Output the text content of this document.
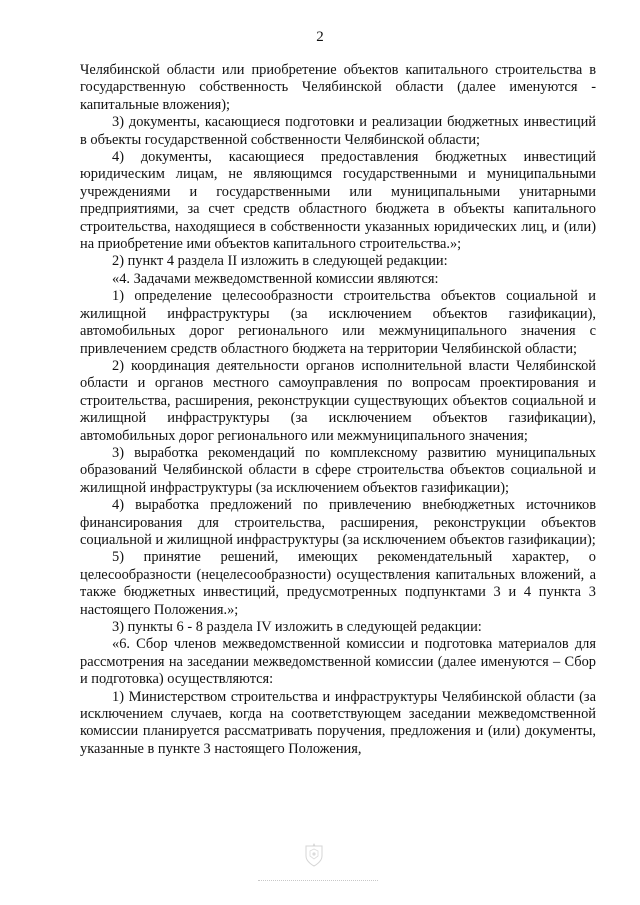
2

Челябинской области или приобретение объектов капитального строительства в государственную собственность Челябинской области (далее именуются - капитальные вложения);

3) документы, касающиеся подготовки и реализации бюджетных инвестиций в объекты государственной собственности Челябинской области;

4) документы, касающиеся предоставления бюджетных инвестиций юридическим лицам, не являющимся государственными и муниципальными учреждениями и государственными или муниципальными унитарными предприятиями, за счет средств областного бюджета в объекты капитального строительства, находящиеся в собственности указанных юридических лиц, и (или) на приобретение ими объектов капитального строительства.»;

2) пункт 4 раздела II изложить в следующей редакции:

«4. Задачами межведомственной комиссии являются:

1) определение целесообразности строительства объектов социальной и жилищной инфраструктуры (за исключением объектов газификации), автомобильных дорог регионального или межмуниципального значения с привлечением средств областного бюджета на территории Челябинской области;

2) координация деятельности органов исполнительной власти Челябинской области и органов местного самоуправления по вопросам проектирования и строительства, расширения, реконструкции существующих объектов социальной и жилищной инфраструктуры (за исключением объектов газификации), автомобильных дорог регионального или межмуниципального значения;

3) выработка рекомендаций по комплексному развитию муниципальных образований Челябинской области в сфере строительства объектов социальной и жилищной инфраструктуры (за исключением объектов газификации);

4) выработка предложений по привлечению внебюджетных источников финансирования для строительства, расширения, реконструкции объектов социальной и жилищной инфраструктуры (за исключением объектов газификации);

5) принятие решений, имеющих рекомендательный характер, о целесообразности (нецелесообразности) осуществления капитальных вложений, а также бюджетных инвестиций, предусмотренных подпунктами 3 и 4 пункта 3 настоящего Положения.»;

3) пункты 6 - 8 раздела IV изложить в следующей редакции:

«6. Сбор членов межведомственной комиссии и подготовка материалов для рассмотрения на заседании межведомственной комиссии (далее именуются – Сбор и подготовка) осуществляются:

1) Министерством строительства и инфраструктуры Челябинской области (за исключением случаев, когда на соответствующем заседании межведомственной комиссии планируется рассматривать поручения, предложения и (или) документы, указанные в пункте 3 настоящего Положения,
